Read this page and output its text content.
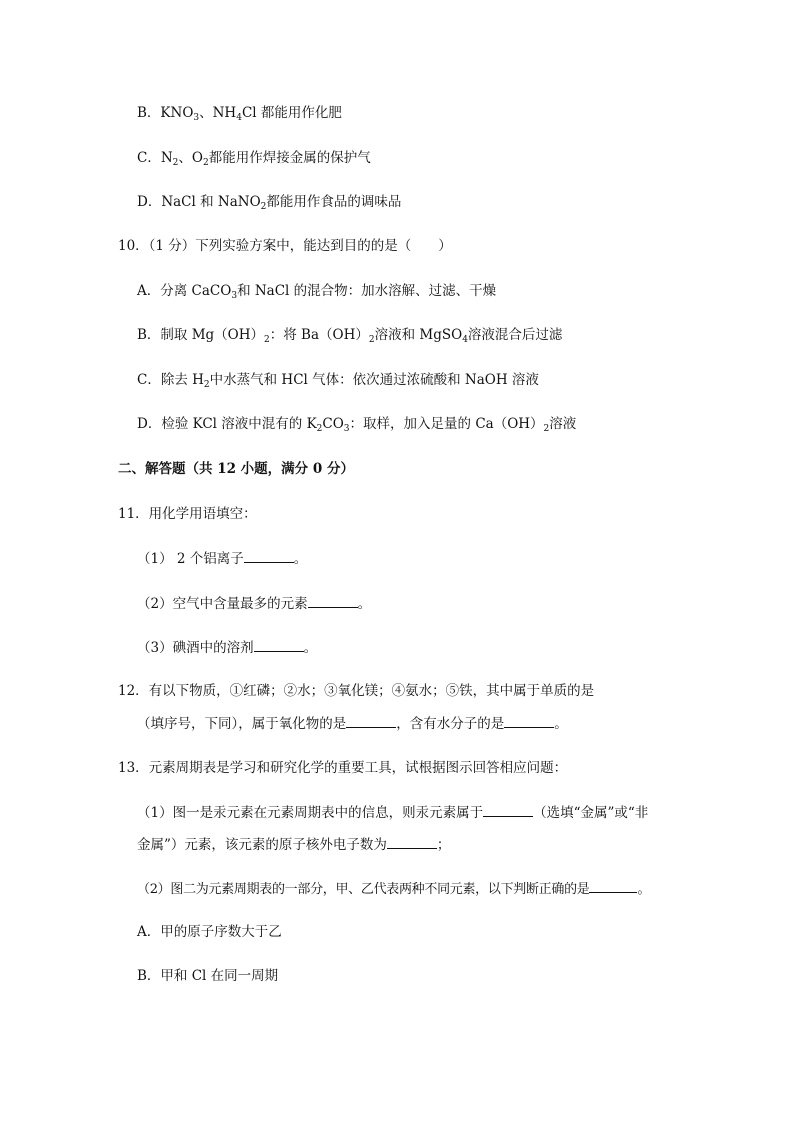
B．$KNO_3$、$NH_4Cl$ 都能用作化肥
C．$N_2$、$O_2$都能用作焊接金属的保护气
D．NaCl 和 NaNO$_2$都能用作食品的调味品
10．（1 分）下列实验方案中，能达到目的的是（　　）
A．分离 CaCO$_3$和 NaCl 的混合物：加水溶解、过滤、干燥
B．制取 $Mg(OH)_2$：将 $Ba(OH)_2$溶液和 MgSO$_4$溶液混合后过滤
C．除去 $H_2$中水蒸气和 HCl 气体：依次通过浓硫酸和 NaOH 溶液
D．检验 KCl 溶液中混有的 $K_2CO_3$：取样，加入足量的 $Ca(OH)_2$溶液
二、解答题（共 12 小题，满分 0 分）
11．用化学用语填空：
（1） 2 个铝离子	。
（2）空气中含量最多的元素	。
（3）碘酒中的溶剂	。
12．有以下物质，①红磷；②水；③氧化镁；④氨水；⑤铁，其中属于单质的是
（填序号，下同），属于氧化物的是	，含有水分子的是	。
13．元素周期表是学习和研究化学的重要工具，试根据图示回答相应问题：
（1）图一是汞元素在元素周期表中的信息，则汞元素属于	（选填“金属”或“非
金属”）元素，该元素的原子核外电子数为	；
（2）图二为元素周期表的一部分，甲、乙代表两种不同元素，以下判断正确的是	。
A．甲的原子序数大于乙
B．甲和 Cl 在同一周期
